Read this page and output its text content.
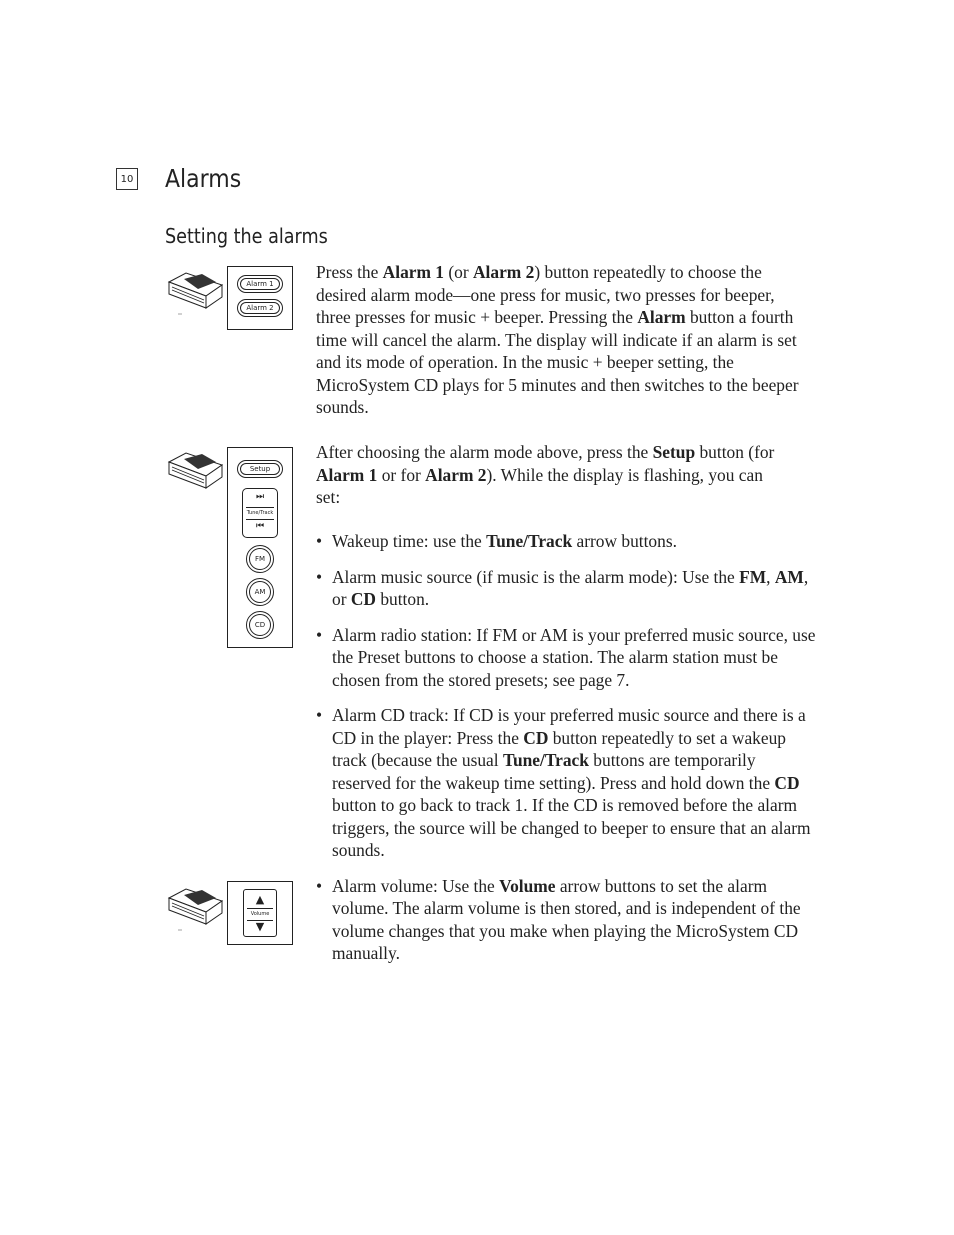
10 Alarms
Setting the alarms
Alarm 1
Alarm 2
Setup
⏭
Tune/Track
⏮
FM
AM
CD
▲
Volume
▼

Press the Alarm 1 (or Alarm 2) button repeatedly to choose the desired alarm mode—one press for music, two presses for beeper, three presses for music + beeper. Pressing the Alarm button a fourth time will cancel the alarm. The display will indicate if an alarm is set and its mode of operation. In the music + beeper setting, the MicroSystem CD plays for 5 minutes and then switches to the beeper sounds.

After choosing the alarm mode above, press the Setup button (for Alarm 1 or for Alarm 2). While the display is flashing, you can set:

• Wakeup time: use the Tune/Track arrow buttons.
• Alarm music source (if music is the alarm mode): Use the FM, AM, or CD button.
• Alarm radio station: If FM or AM is your preferred music source, use the Preset buttons to choose a station. The alarm station must be chosen from the stored presets; see page 7.
• Alarm CD track: If CD is your preferred music source and there is a CD in the player: Press the CD button repeatedly to set a wakeup track (because the usual Tune/Track buttons are temporarily reserved for the wakeup time setting). Press and hold down the CD button to go back to track 1. If the CD is removed before the alarm triggers, the source will be changed to beeper to ensure that an alarm sounds.
• Alarm volume: Use the Volume arrow buttons to set the alarm volume. The alarm volume is then stored, and is independent of the volume changes that you make when playing the MicroSystem CD manually.
